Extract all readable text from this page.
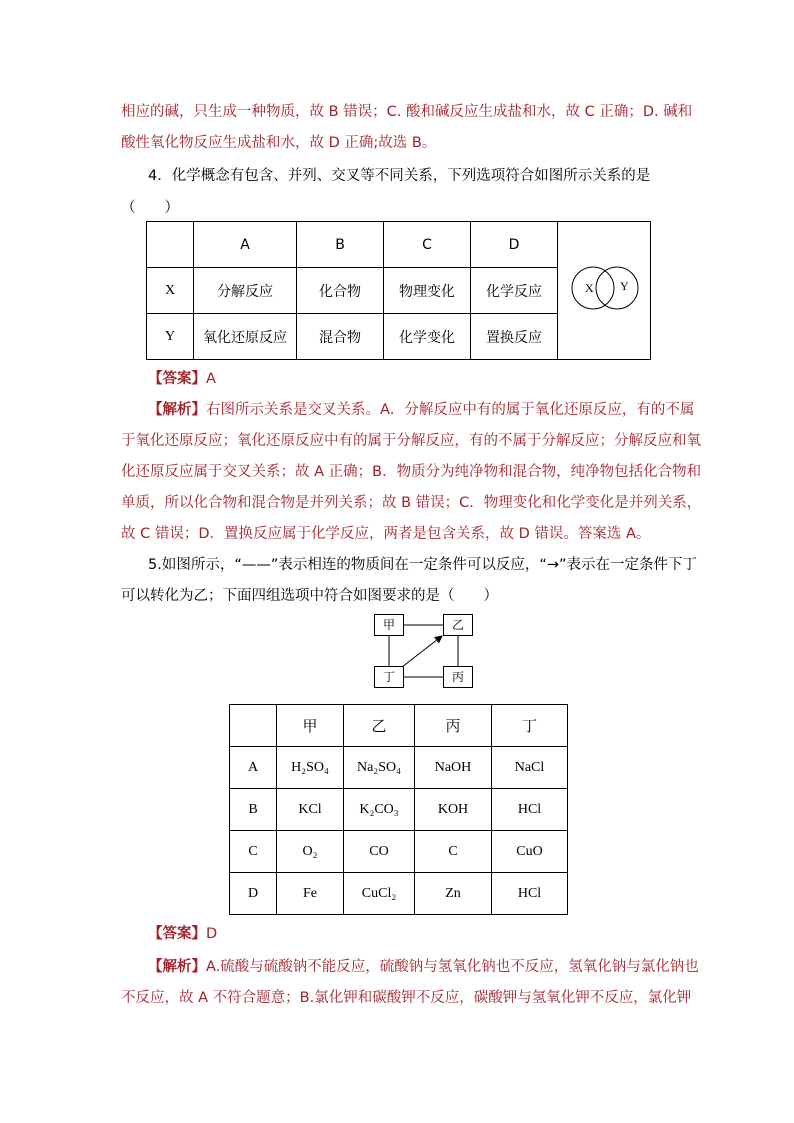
相应的碱，只生成一种物质，故 B 错误；C. 酸和碱反应生成盐和水，故 C 正确；D. 碱和
酸性氧化物反应生成盐和水，故 D 正确;故选 B。
4．化学概念有包含、并列、交叉等不同关系，下列选项符合如图所示关系的是
（　　）
	A	B	C	D	X Y

X	分解反应	化合物	物理变化	化学反应	
Y	氧化还原反应	混合物	化学变化	置换反应	
【答案】A
【解析】右图所示关系是交叉关系。A．分解反应中有的属于氧化还原反应，有的不属
于氧化还原反应；氧化还原反应中有的属于分解反应，有的不属于分解反应；分解反应和氧
化还原反应属于交叉关系；故 A 正确；B．物质分为纯净物和混合物，纯净物包括化合物和
单质，所以化合物和混合物是并列关系；故 B 错误；C．物理变化和化学变化是并列关系，
故 C 错误；D．置换反应属于化学反应，两者是包含关系，故 D 错误。答案选 A。
5.如图所示，“——”表示相连的物质间在一定条件可以反应，“→”表示在一定条件下丁
可以转化为乙；下面四组选项中符合如图要求的是（　　）
甲	乙
丁	丙
	甲	乙	丙	丁
A	H₂SO₄	Na₂SO₄	NaOH	NaCl
B	KCl	K₂CO₃	KOH	HCl
C	O₂	CO	C	CuO
D	Fe	CuCl₂	Zn	HCl
【答案】D
【解析】A.硫酸与硫酸钠不能反应，硫酸钠与氢氧化钠也不反应，氢氧化钠与氯化钠也
不反应，故 A 不符合题意；B.氯化钾和碳酸钾不反应，碳酸钾与氢氧化钾不反应，氯化钾
